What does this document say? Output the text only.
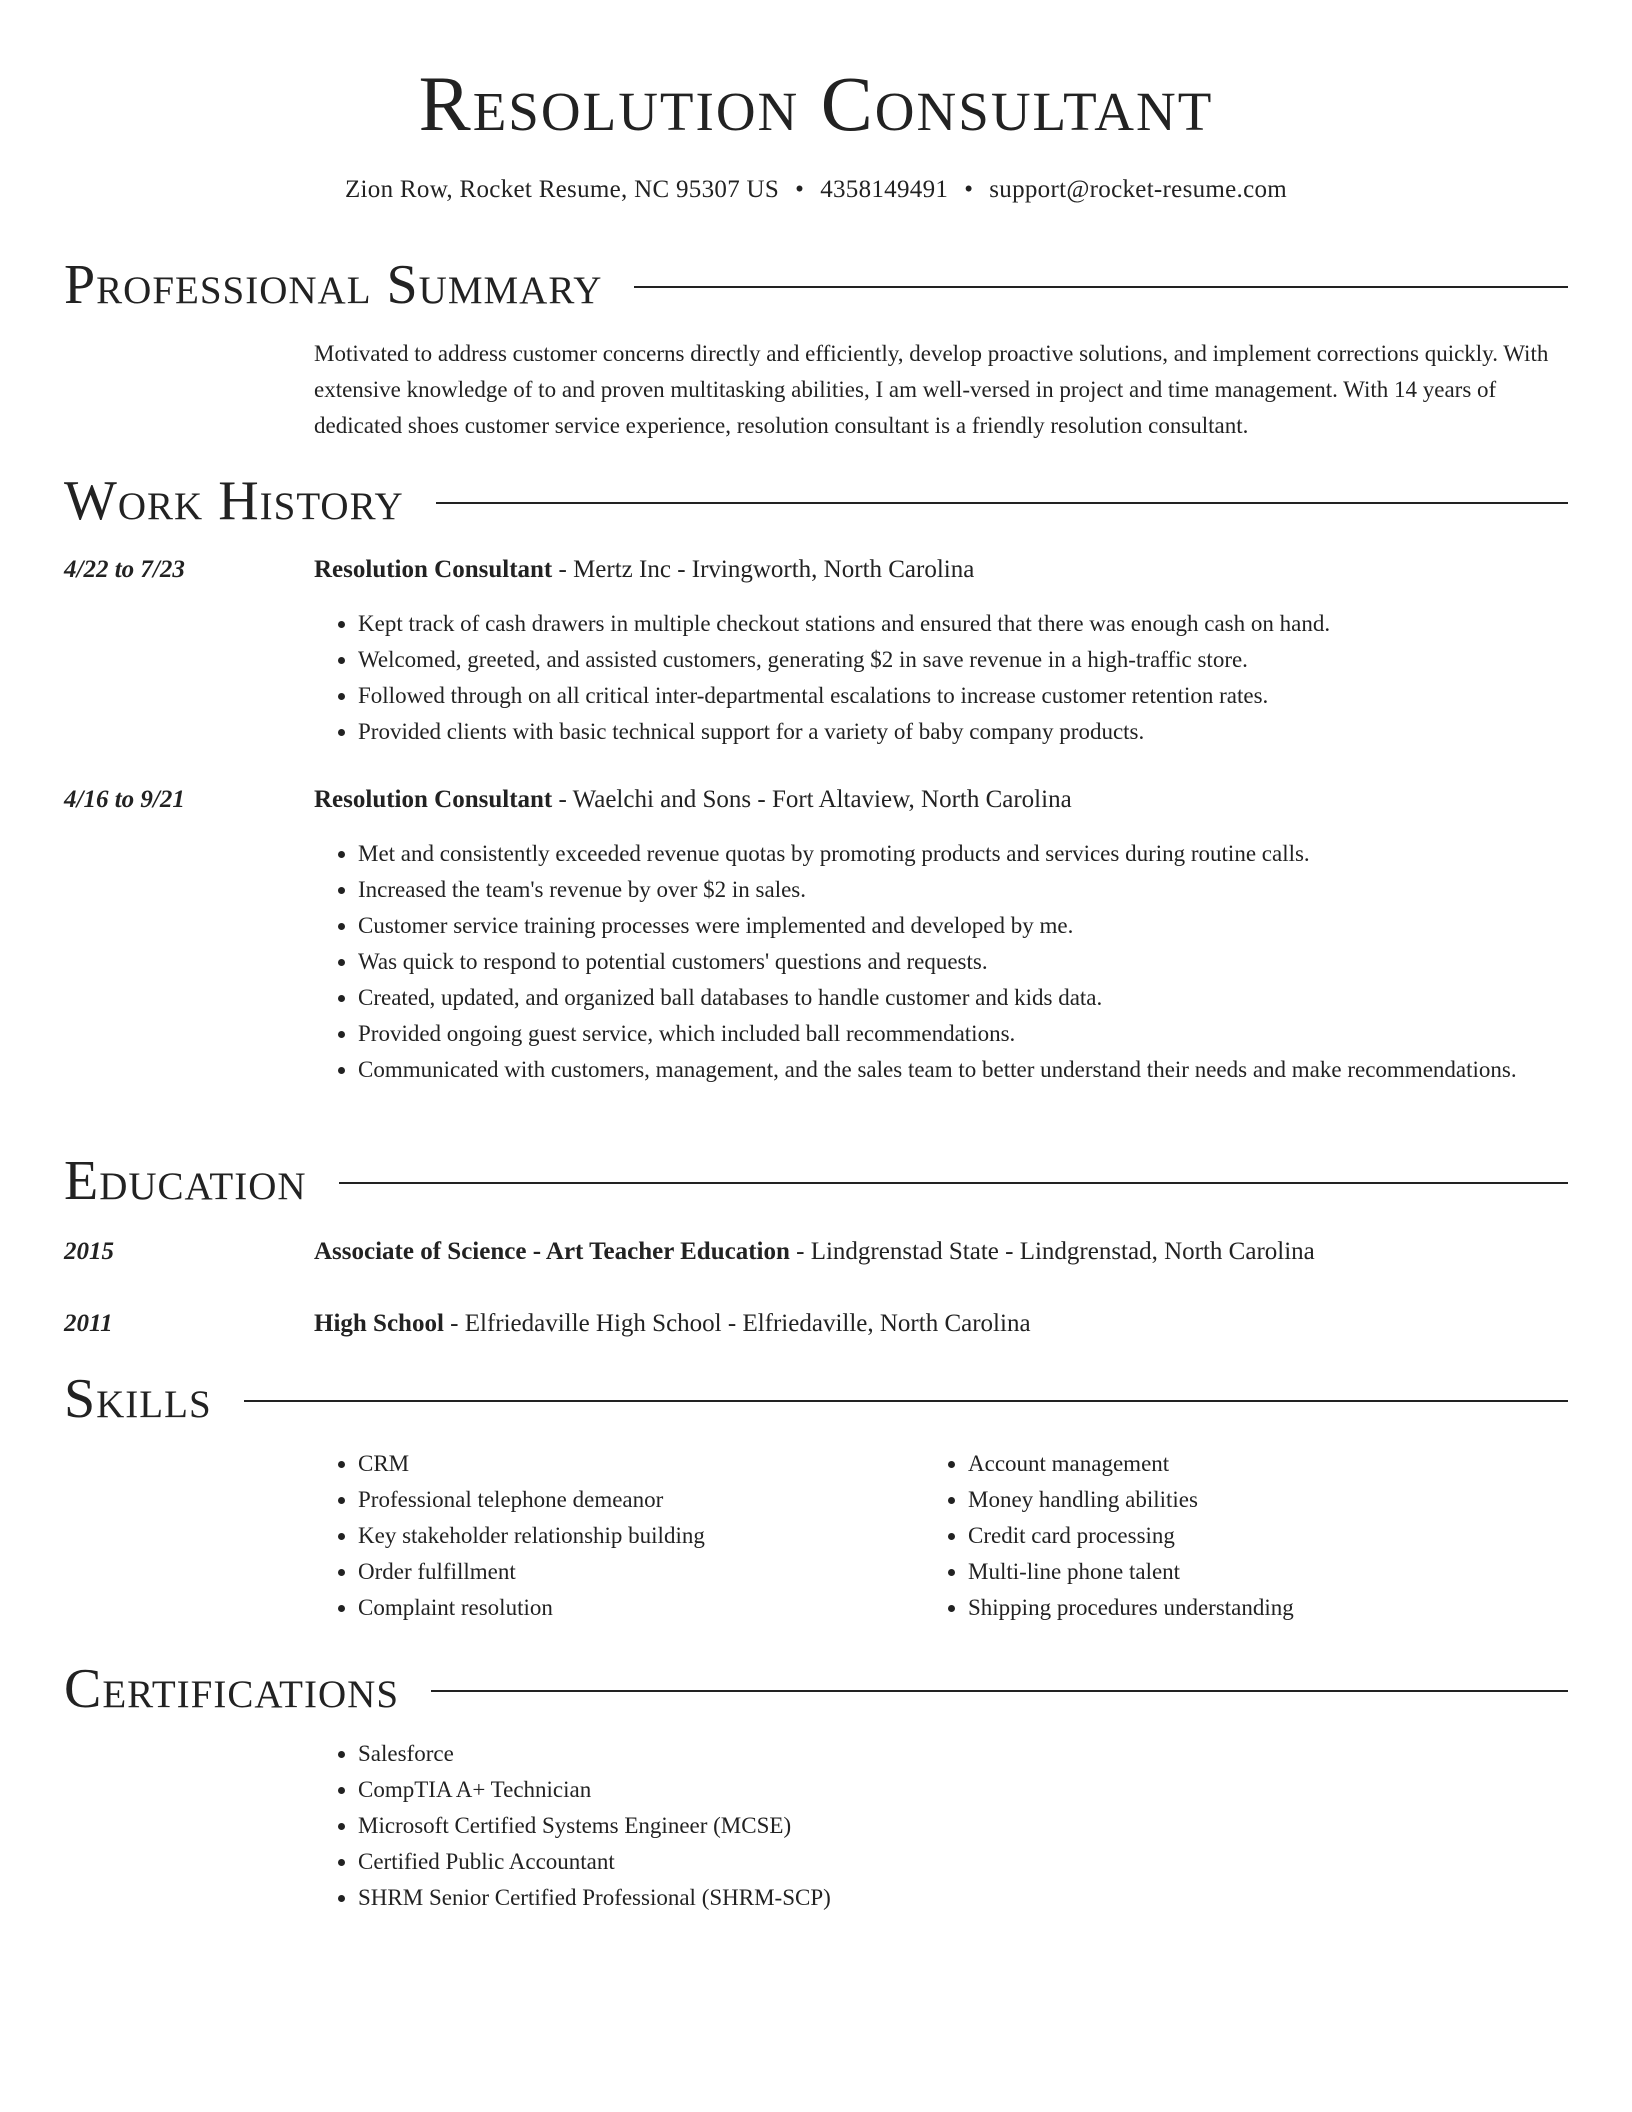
Resolution Consultant
Zion Row, Rocket Resume, NC 95307 US • 4358149491 • support@rocket-resume.com
Professional Summary
Motivated to address customer concerns directly and efficiently, develop proactive solutions, and implement corrections quickly. With extensive knowledge of to and proven multitasking abilities, I am well-versed in project and time management. With 14 years of dedicated shoes customer service experience, resolution consultant is a friendly resolution consultant.
Work History
4/22 to 7/23	Resolution Consultant - Mertz Inc - Irvingworth, North Carolina
• Kept track of cash drawers in multiple checkout stations and ensured that there was enough cash on hand.
• Welcomed, greeted, and assisted customers, generating $2 in save revenue in a high-traffic store.
• Followed through on all critical inter-departmental escalations to increase customer retention rates.
• Provided clients with basic technical support for a variety of baby company products.
4/16 to 9/21	Resolution Consultant - Waelchi and Sons - Fort Altaview, North Carolina
• Met and consistently exceeded revenue quotas by promoting products and services during routine calls.
• Increased the team's revenue by over $2 in sales.
• Customer service training processes were implemented and developed by me.
• Was quick to respond to potential customers' questions and requests.
• Created, updated, and organized ball databases to handle customer and kids data.
• Provided ongoing guest service, which included ball recommendations.
• Communicated with customers, management, and the sales team to better understand their needs and make recommendations.
Education
2015	Associate of Science - Art Teacher Education - Lindgrenstad State - Lindgrenstad, North Carolina
2011	High School - Elfriedaville High School - Elfriedaville, North Carolina
Skills
• CRM
• Professional telephone demeanor
• Key stakeholder relationship building
• Order fulfillment
• Complaint resolution
• Account management
• Money handling abilities
• Credit card processing
• Multi-line phone talent
• Shipping procedures understanding
Certifications
• Salesforce
• CompTIA A+ Technician
• Microsoft Certified Systems Engineer (MCSE)
• Certified Public Accountant
• SHRM Senior Certified Professional (SHRM-SCP)
